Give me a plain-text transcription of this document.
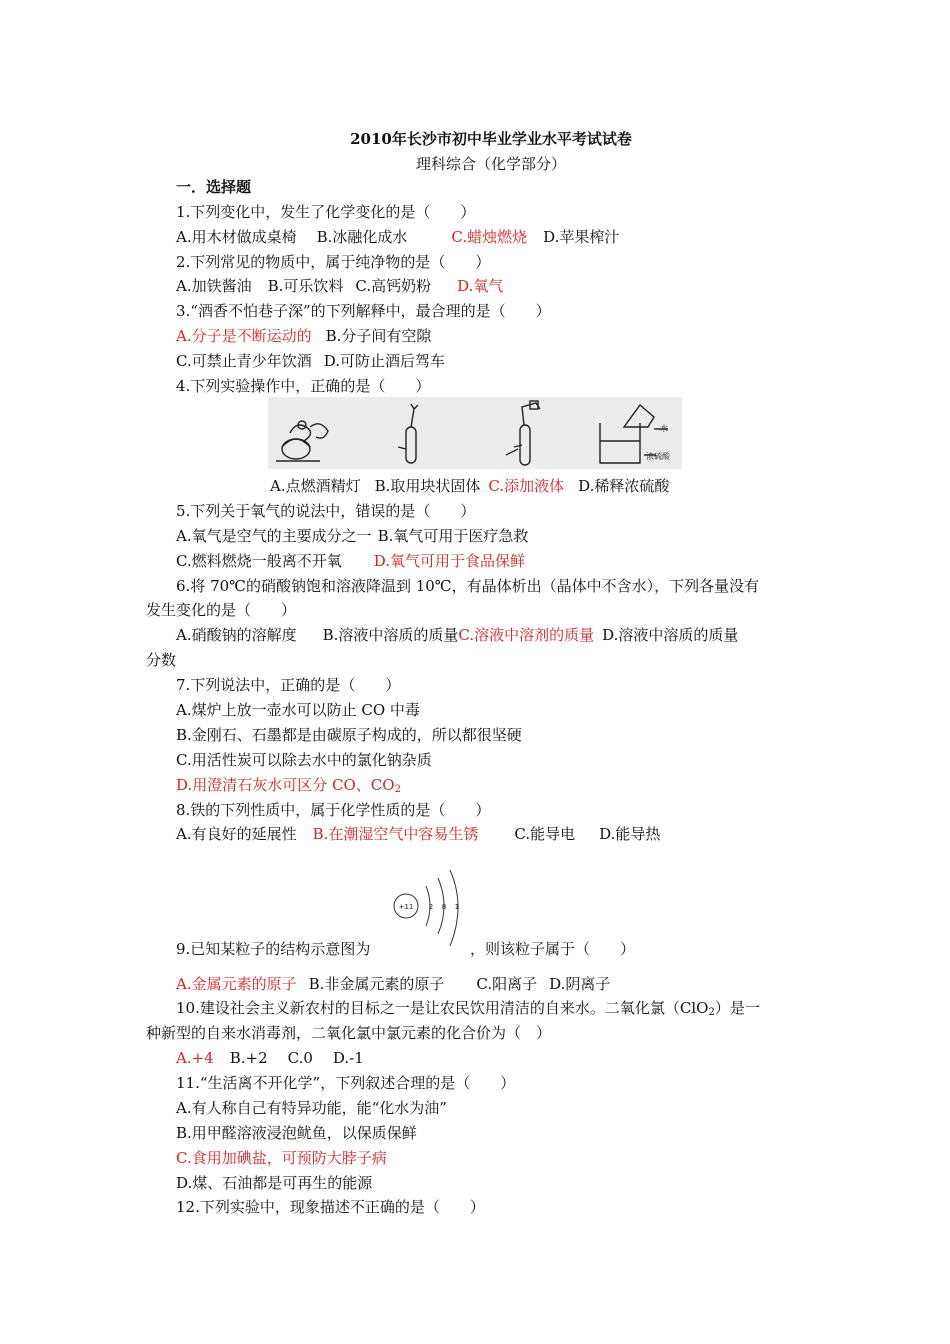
2010年长沙市初中毕业学业水平考试试卷
理科综合（化学部分）
一．选择题
1.下列变化中，发生了化学变化的是（　　）
A.用木材做成桌椅 B.冰融化成水	C.蜡烛燃烧 D.苹果榨汁
2.下列常见的物质中，属于纯净物的是（　　）
A.加铁酱油 B.可乐饮料 C.高钙奶粉 D.氧气
3.“酒香不怕巷子深”的下列解释中，最合理的是（　　）
A.分子是不断运动的 B.分子间有空隙
C.可禁止青少年饮酒 D.可防止酒后驾车
4.下列实验操作中，正确的是（　　）
水
浓硫酸
A.点燃酒精灯 B.取用块状固体 C.添加液体 D.稀释浓硫酸
5.下列关于氧气的说法中，错误的是（　　）
A.氧气是空气的主要成分之一 B.氧气可用于医疗急救
C.燃料燃烧一般离不开氧 D.氧气可用于食品保鲜
6.将 70℃的硝酸钠饱和溶液降温到 10℃，有晶体析出（晶体中不含水），下列各量没有
发生变化的是（　　）
A.硝酸钠的溶解度 B.溶液中溶质的质量C.溶液中溶剂的质量 D.溶液中溶质的质量
分数
7.下列说法中，正确的是（　　）
A.煤炉上放一壶水可以防止 CO 中毒
B.金刚石、石墨都是由碳原子构成的，所以都很坚硬
C.用活性炭可以除去水中的氯化钠杂质
D.用澄清石灰水可区分 CO、$CO_2$
8.铁的下列性质中，属于化学性质的是（　　）
A.有良好的延展性 B.在潮湿空气中容易生锈 C.能导电 D.能导热
+11 2 8 1
9.已知某粒子的结构示意图为	，则该粒子属于（　　）
A.金属元素的原子 B.非金属元素的原子 C.阳离子 D.阴离子
10.建设社会主义新农村的目标之一是让农民饮用清洁的自来水。二氧化氯（ClO$_2$）是一
种新型的自来水消毒剂，二氧化氯中氯元素的化合价为（　）
A.+4 B.+2 C.0 D.-1
11.“生活离不开化学”，下列叙述合理的是（　　）
A.有人称自己有特异功能，能“化水为油”
B.用甲醛溶液浸泡鱿鱼，以保质保鲜
C.食用加碘盐，可预防大脖子病
D.煤、石油都是可再生的能源
12.下列实验中，现象描述不正确的是（　　）
